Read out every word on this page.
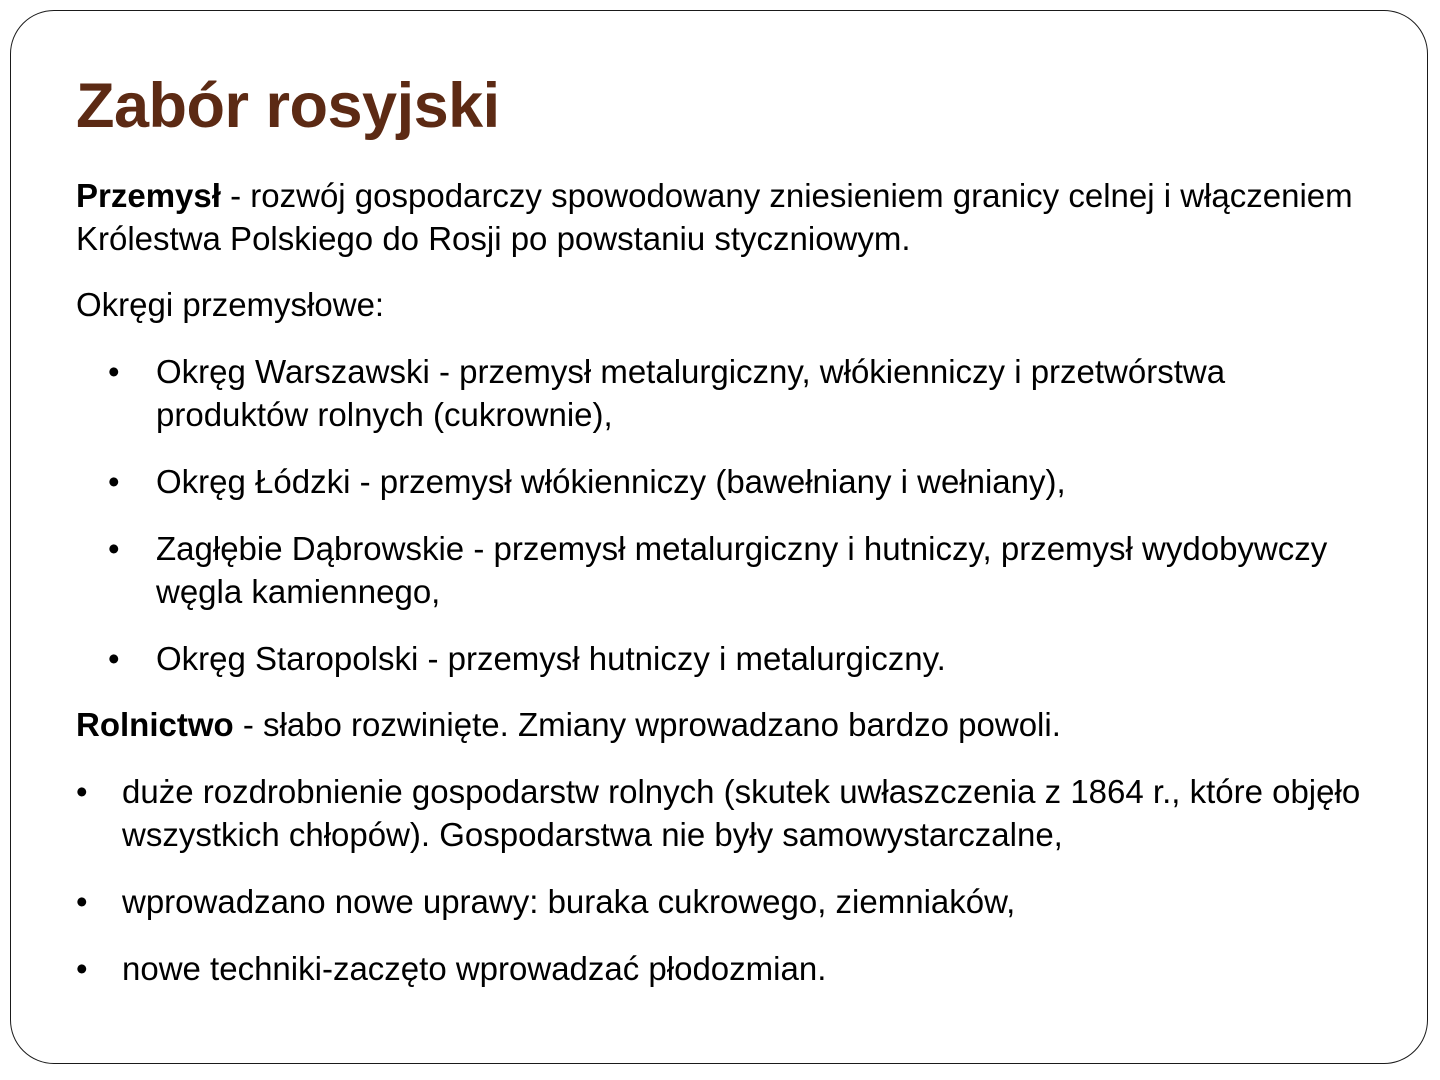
Zabór rosyjski

Przemysł - rozwój gospodarczy spowodowany zniesieniem granicy celnej i włączeniem Królestwa Polskiego do Rosji po powstaniu styczniowym.

Okręgi przemysłowe:

• Okręg Warszawski - przemysł metalurgiczny, włókienniczy i przetwórstwa produktów rolnych (cukrownie),
• Okręg Łódzki - przemysł włókienniczy (bawełniany i wełniany),
• Zagłębie Dąbrowskie - przemysł metalurgiczny i hutniczy, przemysł wydobywczy węgla kamiennego,
• Okręg Staropolski - przemysł hutniczy i metalurgiczny.

Rolnictwo - słabo rozwinięte. Zmiany wprowadzano bardzo powoli.

• duże rozdrobnienie gospodarstw rolnych (skutek uwłaszczenia z 1864 r., które objęło wszystkich chłopów). Gospodarstwa nie były samowystarczalne,
• wprowadzano nowe uprawy: buraka cukrowego, ziemniaków,
• nowe techniki-zaczęto wprowadzać płodozmian.
